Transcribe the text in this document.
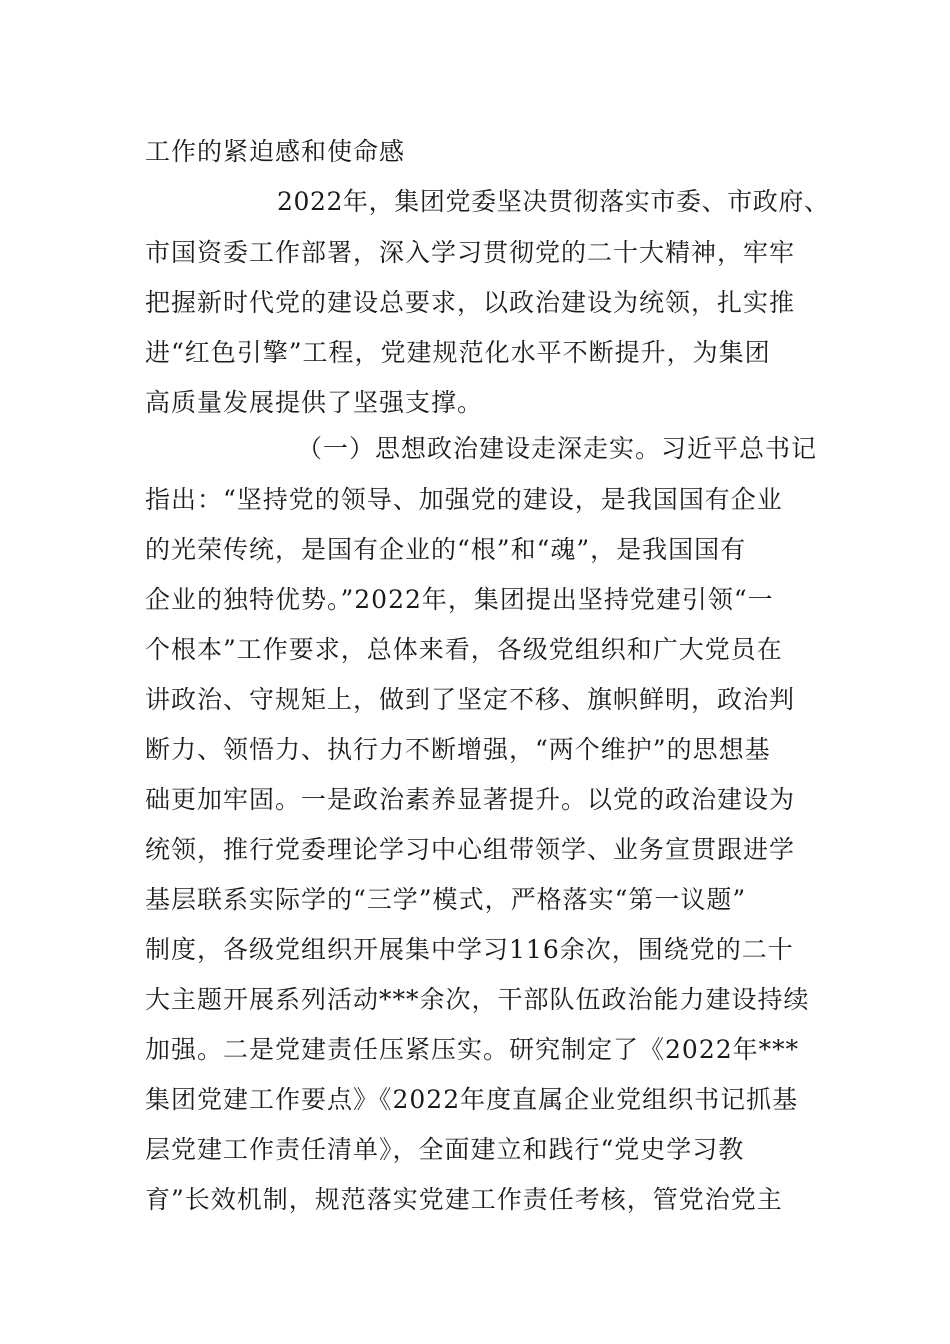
工作的紧迫感和使命感
2022年，集团党委坚决贯彻落实市委、市政府、
市国资委工作部署，深入学习贯彻党的二十大精神，牢牢
把握新时代党的建设总要求，以政治建设为统领，扎实推
进“红色引擎”工程，党建规范化水平不断提升，为集团
高质量发展提供了坚强支撑。
（一）思想政治建设走深走实。习近平总书记
指出：“坚持党的领导、加强党的建设，是我国国有企业
的光荣传统，是国有企业的“根”和“魂”，是我国国有
企业的独特优势。”2022年，集团提出坚持党建引领“一
个根本”工作要求，总体来看，各级党组织和广大党员在
讲政治、守规矩上，做到了坚定不移、旗帜鲜明，政治判
断力、领悟力、执行力不断增强，“两个维护”的思想基
础更加牢固。一是政治素养显著提升。以党的政治建设为
统领，推行党委理论学习中心组带领学、业务宣贯跟进学
基层联系实际学的“三学”模式，严格落实“第一议题”
制度，各级党组织开展集中学习116余次，围绕党的二十
大主题开展系列活动***余次，干部队伍政治能力建设持续
加强。二是党建责任压紧压实。研究制定了《2022年***
集团党建工作要点》《2022年度直属企业党组织书记抓基
层党建工作责任清单》，全面建立和践行“党史学习教
育”长效机制，规范落实党建工作责任考核，管党治党主
